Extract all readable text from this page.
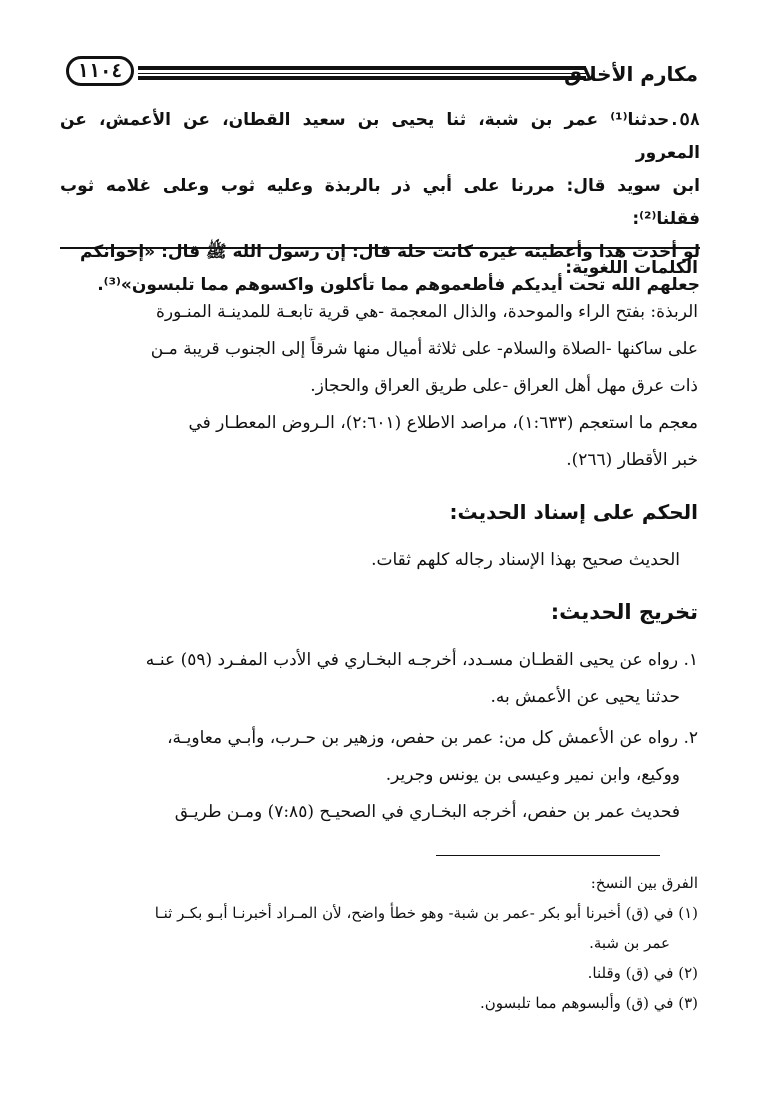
مكارم الأخلاق
١١٠٤
٥٨.حدثنا⁽¹⁾ عمر بن شبة، ثنا يحيى بن سعيد القطان، عن الأعمش، عن المعرور
ابن سويد قال: مررنا على أبي ذر بالربذة وعليه ثوب وعلى غلامه ثوب فقلنا⁽²⁾:
لو أخذت هذا وأعطيته غيره كانت حلة قال: إن رسول الله ﷺ قال: «إخوانكم
جعلهم الله تحت أيديكم فأطعموهم مما تأكلون واكسوهم مما تلبسون»⁽³⁾.
الكلمات اللغوية:
الربذة: بفتح الراء والموحدة، والذال المعجمة -هي قرية تابعـة للمدينـة المنـورة
على ساكنها -الصلاة والسلام- على ثلاثة أميال منها شرقاً إلى الجنوب قريبة مـن
ذات عرق مهل أهل العراق -على طريق العراق والحجاز.
معجم ما استعجم (١:٦٣٣)، مراصد الاطلاع (٢:٦٠١)، الـروض المعطـار في
خبر الأقطار (٢٦٦).
الحكم على إسناد الحديث:
الحديث صحيح بهذا الإسناد رجاله كلهم ثقات.
تخريج الحديث:
١. رواه عن يحيى القطـان مسـدد، أخرجـه البخـاري في الأدب المفـرد (٥٩) عنـه
حدثنا يحيى عن الأعمش به.
٢. رواه عن الأعمش كل من: عمر بن حفص، وزهير بن حـرب، وأبـي معاويـة،
ووكيع، وابن نمير وعيسى بن يونس وجرير.
فحديث عمر بن حفص، أخرجه البخـاري في الصحيـح (٧:٨٥) ومـن طريـق
الفرق بين النسخ:
(١) في (ق) أخبرنا أبو بكر -عمر بن شبة- وهو خطأ واضح، لأن المـراد أخبرنـا أبـو بكـر ثنـا
عمر بن شبة.
(٢) في (ق) وقلنا.
(٣) في (ق) وألبسوهم مما تلبسون.
